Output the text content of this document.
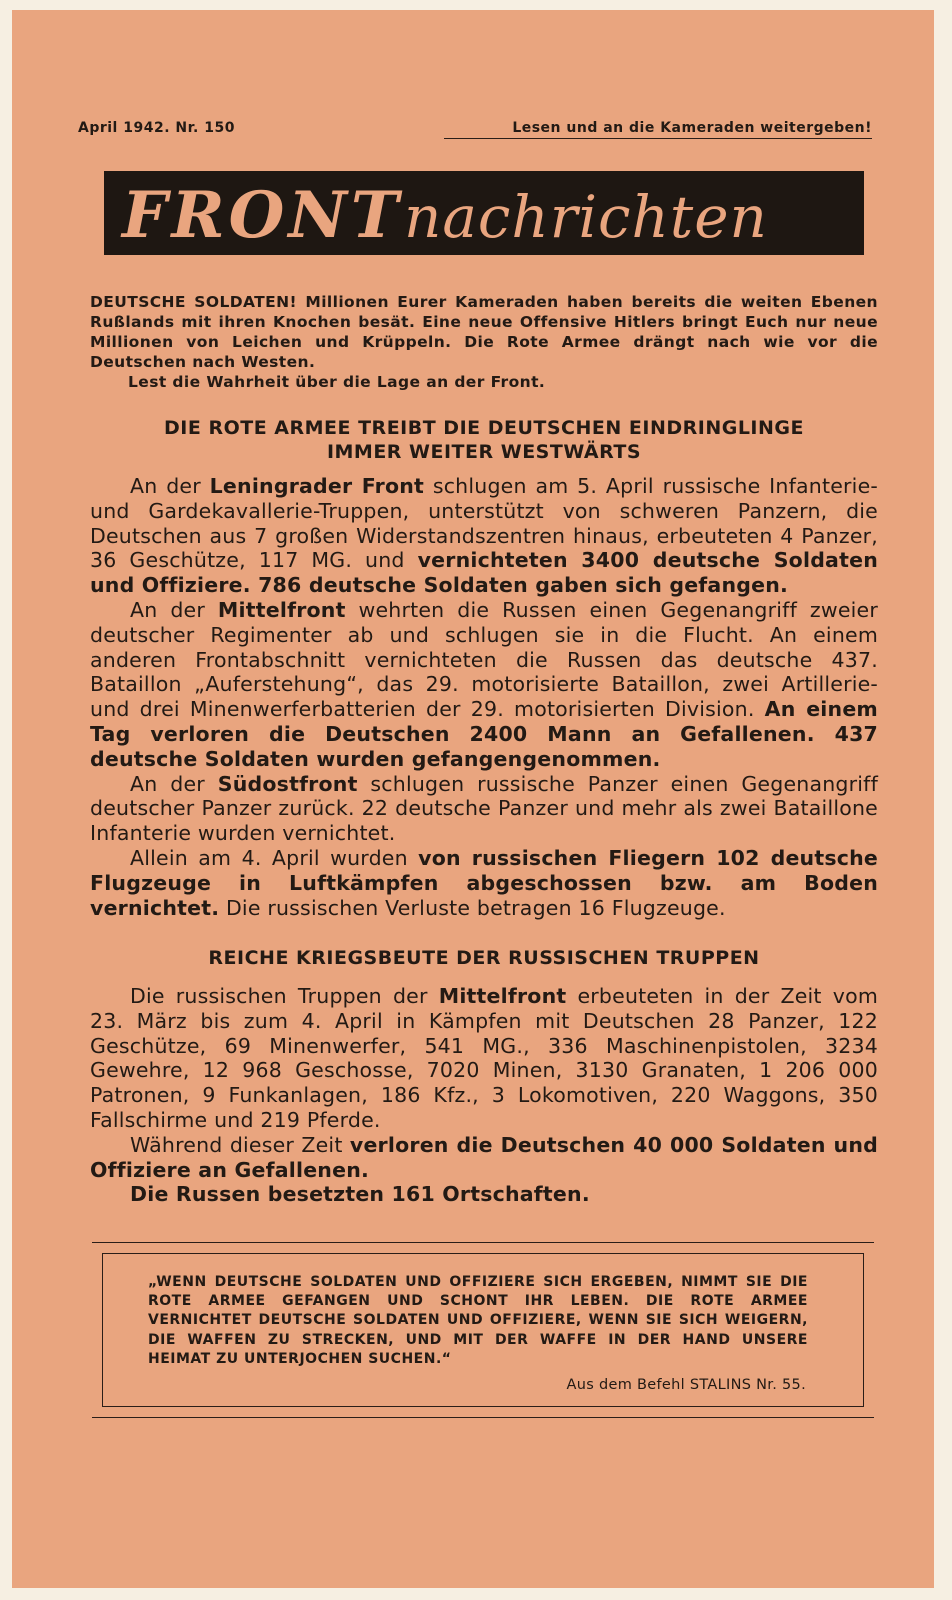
April 1942. Nr. 150	Lesen und an die Kameraden weitergeben!
FRONT nachrichten

DEUTSCHE SOLDATEN! Millionen Eurer Kameraden haben bereits die weiten Ebenen Rußlands mit ihren Knochen besät. Eine neue Offensive Hitlers bringt Euch nur neue Millionen von Leichen und Krüppeln. Die Rote Armee drängt nach wie vor die Deutschen nach Westen.

Lest die Wahrheit über die Lage an der Front.

DIE ROTE ARMEE TREIBT DIE DEUTSCHEN EINDRINGLINGE
IMMER WEITER WESTWÄRTS

An der Leningrader Front schlugen am 5. April russische Infanterie- und Gardekavallerie-Truppen, unterstützt von schweren Panzern, die Deutschen aus 7 großen Widerstandszentren hinaus, erbeuteten 4 Panzer, 36 Geschütze, 117 MG. und vernichteten 3400 deutsche Soldaten und Offiziere. 786 deutsche Soldaten gaben sich gefangen.

An der Mittelfront wehrten die Russen einen Gegenangriff zweier deutscher Regimenter ab und schlugen sie in die Flucht. An einem anderen Frontabschnitt vernichteten die Russen das deutsche 437. Bataillon „Auferstehung“, das 29. motorisierte Bataillon, zwei Artillerie- und drei Minenwerferbatterien der 29. motorisierten Division. An einem Tag verloren die Deutschen 2400 Mann an Gefallenen. 437 deutsche Soldaten wurden gefangengenommen.

An der Südostfront schlugen russische Panzer einen Gegenangriff deutscher Panzer zurück. 22 deutsche Panzer und mehr als zwei Bataillone Infanterie wurden vernichtet.

Allein am 4. April wurden von russischen Fliegern 102 deutsche Flugzeuge in Luftkämpfen abgeschossen bzw. am Boden vernichtet. Die russischen Verluste betragen 16 Flugzeuge.

REICHE KRIEGSBEUTE DER RUSSISCHEN TRUPPEN

Die russischen Truppen der Mittelfront erbeuteten in der Zeit vom 23. März bis zum 4. April in Kämpfen mit Deutschen 28 Panzer, 122 Geschütze, 69 Minenwerfer, 541 MG., 336 Maschinenpistolen, 3234 Gewehre, 12 968 Geschosse, 7020 Minen, 3130 Granaten, 1 206 000 Patronen, 9 Funkanlagen, 186 Kfz., 3 Lokomotiven, 220 Waggons, 350 Fallschirme und 219 Pferde.

Während dieser Zeit verloren die Deutschen 40 000 Soldaten und Offiziere an Gefallenen.

Die Russen besetzten 161 Ortschaften.

„WENN DEUTSCHE SOLDATEN UND OFFIZIERE SICH ERGEBEN, NIMMT SIE DIE ROTE ARMEE GEFANGEN UND SCHONT IHR LEBEN. DIE ROTE ARMEE VERNICHTET DEUTSCHE SOLDATEN UND OFFIZIERE, WENN SIE SICH WEIGERN, DIE WAFFEN ZU STRECKEN, UND MIT DER WAFFE IN DER HAND UNSERE HEIMAT ZU UNTERJOCHEN SUCHEN.“
Aus dem Befehl STALINS Nr. 55.
